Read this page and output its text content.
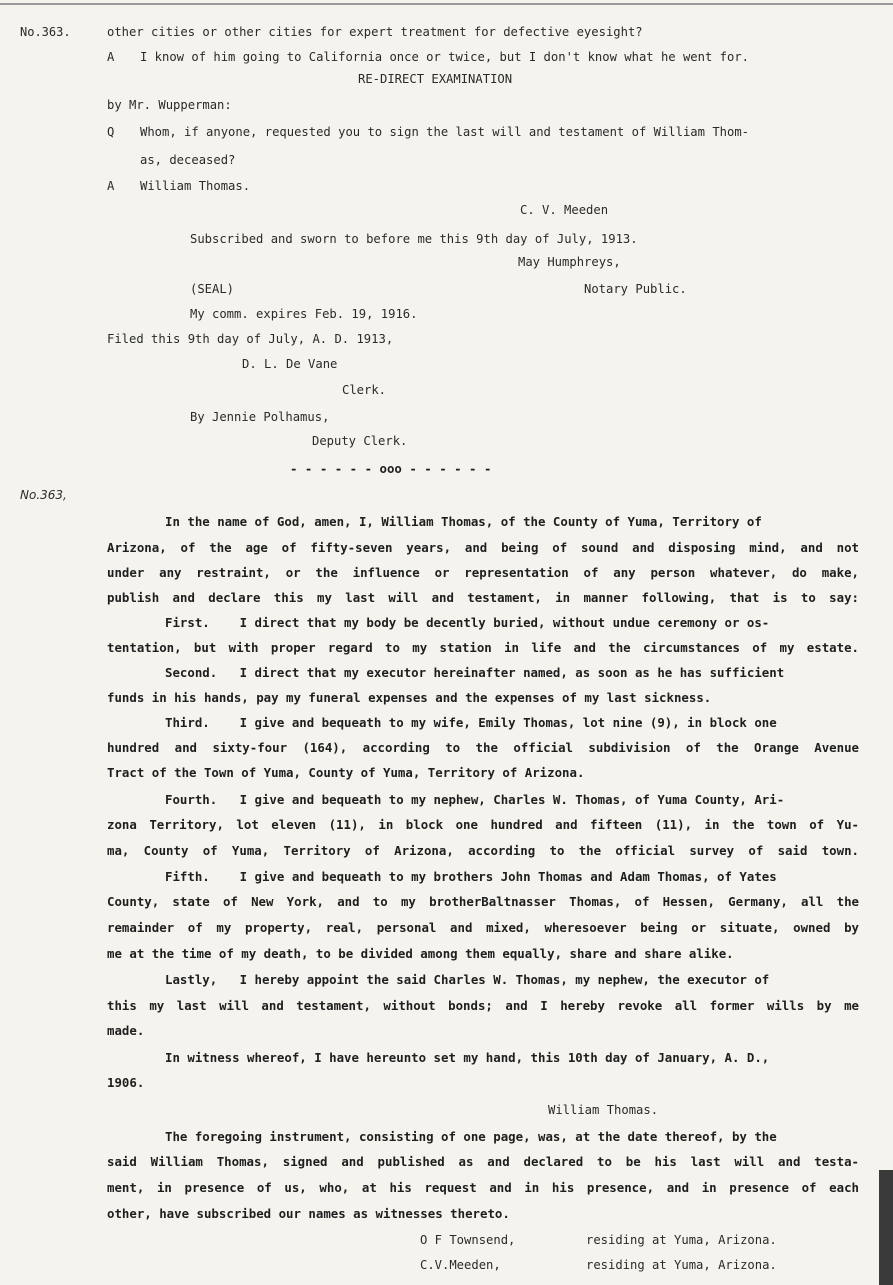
No.363.	other cities or other cities for expert treatment for defective eyesight?
A I know of him going to California once or twice, but I don't know what he went for.
RE-DIRECT EXAMINATION
by Mr. Wupperman:
Q Whom, if anyone, requested you to sign the last will and testament of William Thom-
as, deceased?
A William Thomas.
C. V. Meeden
Subscribed and sworn to before me this 9th day of July, 1913.
May Humphreys,
(SEAL)	Notary Public.
My comm. expires Feb. 19, 1916.
Filed this 9th day of July, A. D. 1913,
D. L. De Vane
Clerk.
By Jennie Polhamus,
Deputy Clerk.
- - - - - - ooo - - - - - -
No.363,
In the name of God, amen, I, William Thomas, of the County of Yuma, Territory of
Arizona, of the age of fifty-seven years, and being of sound and disposing mind, and not
under any restraint, or the influence or representation of any person whatever, do make,
publish and declare this my last will and testament, in manner following, that is to say:
First.    I direct that my body be decently buried, without undue ceremony or os-
tentation, but with proper regard to my station in life and the circumstances of my estate.
Second.   I direct that my executor hereinafter named, as soon as he has sufficient
funds in his hands, pay my funeral expenses and the expenses of my last sickness.
Third.    I give and bequeath to my wife, Emily Thomas, lot nine (9), in block one
hundred and sixty-four (164), according to the official subdivision of the Orange Avenue
Tract of the Town of Yuma, County of Yuma, Territory of Arizona.
Fourth.   I give and bequeath to my nephew, Charles W. Thomas, of Yuma County, Ari-
zona Territory, lot eleven (11), in block one hundred and fifteen (11), in the town of Yu-
ma, County of Yuma, Territory of Arizona, according to the official survey of said town.
Fifth.    I give and bequeath to my brothers John Thomas and Adam Thomas, of Yates
County, state of New York, and to my brotherBaltnasser Thomas, of Hessen, Germany, all the
remainder of my property, real, personal and mixed, wheresoever being or situate, owned by
me at the time of my death, to be divided among them equally, share and share alike.
Lastly,   I hereby appoint the said Charles W. Thomas, my nephew, the executor of
this my last will and testament, without bonds; and I hereby revoke all former wills by me
made.
In witness whereof, I have hereunto set my hand, this 10th day of January, A. D.,
1906.
William Thomas.
The foregoing instrument, consisting of one page, was, at the date thereof, by the
said William Thomas, signed and published as and declared to be his last will and testa-
ment, in presence of us, who, at his request and in his presence, and in presence of each
other, have subscribed our names as witnesses thereto.
O F Townsend,	residing at Yuma, Arizona.
C.V.Meeden,	residing at Yuma, Arizona.
